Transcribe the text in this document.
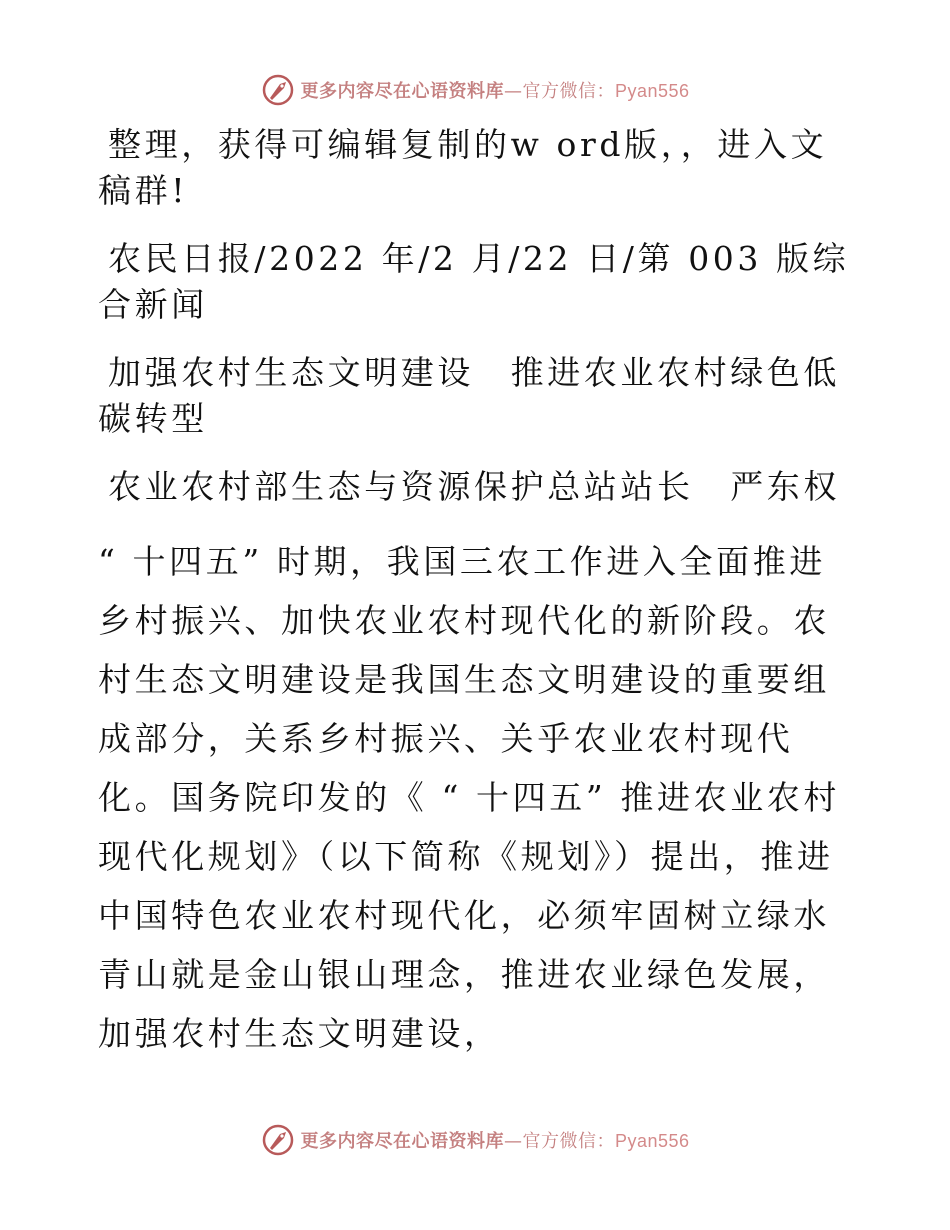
更多内容尽在心语资料库—官方微信：Pyan556

整理，获得可编辑复制的w ord版，，进入文稿群!

农民日报/2022 年/2 月/22 日/第 003 版综合新闻

加强农村生态文明建设　推进农业农村绿色低碳转型

农业农村部生态与资源保护总站站长　严东权

“ 十四五” 时期，我国三农工作进入全面推进乡村振兴、加快农业农村现代化的新阶段。农村生态文明建设是我国生态文明建设的重要组成部分，关系乡村振兴、关乎农业农村现代化。国务院印发的《 “ 十四五” 推进农业农村现代化规划》（以下简称《规划》）提出，推进中国特色农业农村现代化，必须牢固树立绿水青山就是金山银山理念，推进农业绿色发展，加强农村生态文明建设，

更多内容尽在心语资料库—官方微信：Pyan556
